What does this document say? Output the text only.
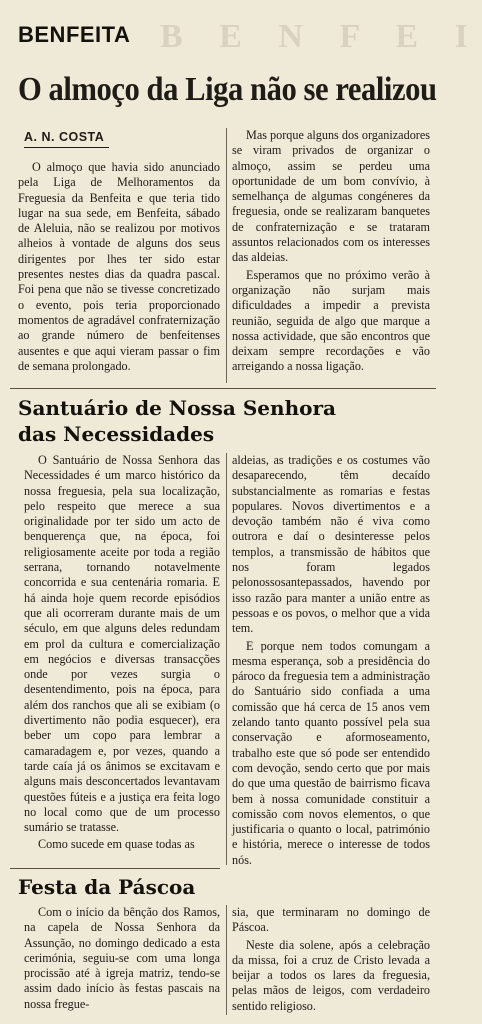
B E N F E I
BENFEITA
O almoço da Liga não se realizou
A. N. COSTA

O almoço que havia sido anunciado pela Liga de Melhoramentos da Freguesia da Benfeita e que teria tido lugar na sua sede, em Benfeita, sábado de Aleluia, não se realizou por motivos alheios à vontade de alguns dos seus dirigentes por lhes ter sido estar presentes nestes dias da quadra pascal. Foi pena que não se tivesse concretizado o evento, pois teria proporcionado momentos de agradável confraternização ao grande número de benfeitenses ausentes e que aqui vieram passar o fim de semana prolongado.

Mas porque alguns dos organizadores se viram privados de organizar o almoço, assim se perdeu uma oportunidade de um bom convívio, à semelhança de algumas congéneres da freguesia, onde se realizaram banquetes de confraternização e se trataram assuntos relacionados com os interesses das aldeias.

Esperamos que no próximo verão à organização não surjam mais dificuldades a impedir a prevista reunião, seguida de algo que marque a nossa actividade, que são encontros que deixam sempre recordações e vão arreigando a nossa ligação.

Santuário de Nossa Senhora das Necessidades

O Santuário de Nossa Senhora das Necessidades é um marco histórico da nossa freguesia, pela sua localização, pelo respeito que merece a sua originalidade por ter sido um acto de benquerença que, na época, foi religiosamente aceite por toda a região serrana, tornando notavelmente concorrida e sua centenária romaria. E há ainda hoje quem recorde episódios que ali ocorreram durante mais de um século, em que alguns deles redundam em prol da cultura e comercialização em negócios e diversas transacções onde por vezes surgia o desentendimento, pois na época, para além dos ranchos que ali se exibiam (o divertimento não podia esquecer), era beber um copo para lembrar a camaradagem e, por vezes, quando a tarde caía já os ânimos se excitavam e alguns mais desconcertados levantavam questões fúteis e a justiça era feita logo no local como que de um processo sumário se tratasse.

Como sucede em quase todas as

aldeias, as tradições e os costumes vão desaparecendo, têm decaído substancialmente as romarias e festas populares. Novos divertimentos e a devoção também não é viva como outrora e daí o desinteresse pelos templos, a transmissão de hábitos que nos foram legados pelonossosantepassados, havendo por isso razão para manter a união entre as pessoas e os povos, o melhor que a vida tem.

E porque nem todos comungam a mesma esperança, sob a presidência do pároco da freguesia tem a administração do Santuário sido confiada a uma comissão que há cerca de 15 anos vem zelando tanto quanto possível pela sua conservação e aformoseamento, trabalho este que só pode ser entendido com devoção, sendo certo que por mais do que uma questão de bairrismo ficava bem à nossa comunidade constituir a comissão com novos elementos, o que justificaria o quanto o local, património e história, merece o interesse de todos nós.

Festa da Páscoa

Com o início da bênção dos Ramos, na capela de Nossa Senhora da Assunção, no domingo dedicado a esta cerimónia, seguiu-se com uma longa procissão até à igreja matriz, tendo-se assim dado início às festas pascais na nossa fregue-

sia, que terminaram no domingo de Páscoa.

Neste dia solene, após a celebração da missa, foi a cruz de Cristo levada a beijar a todos os lares da freguesia, pelas mãos de leigos, com verdadeiro sentido religioso.
